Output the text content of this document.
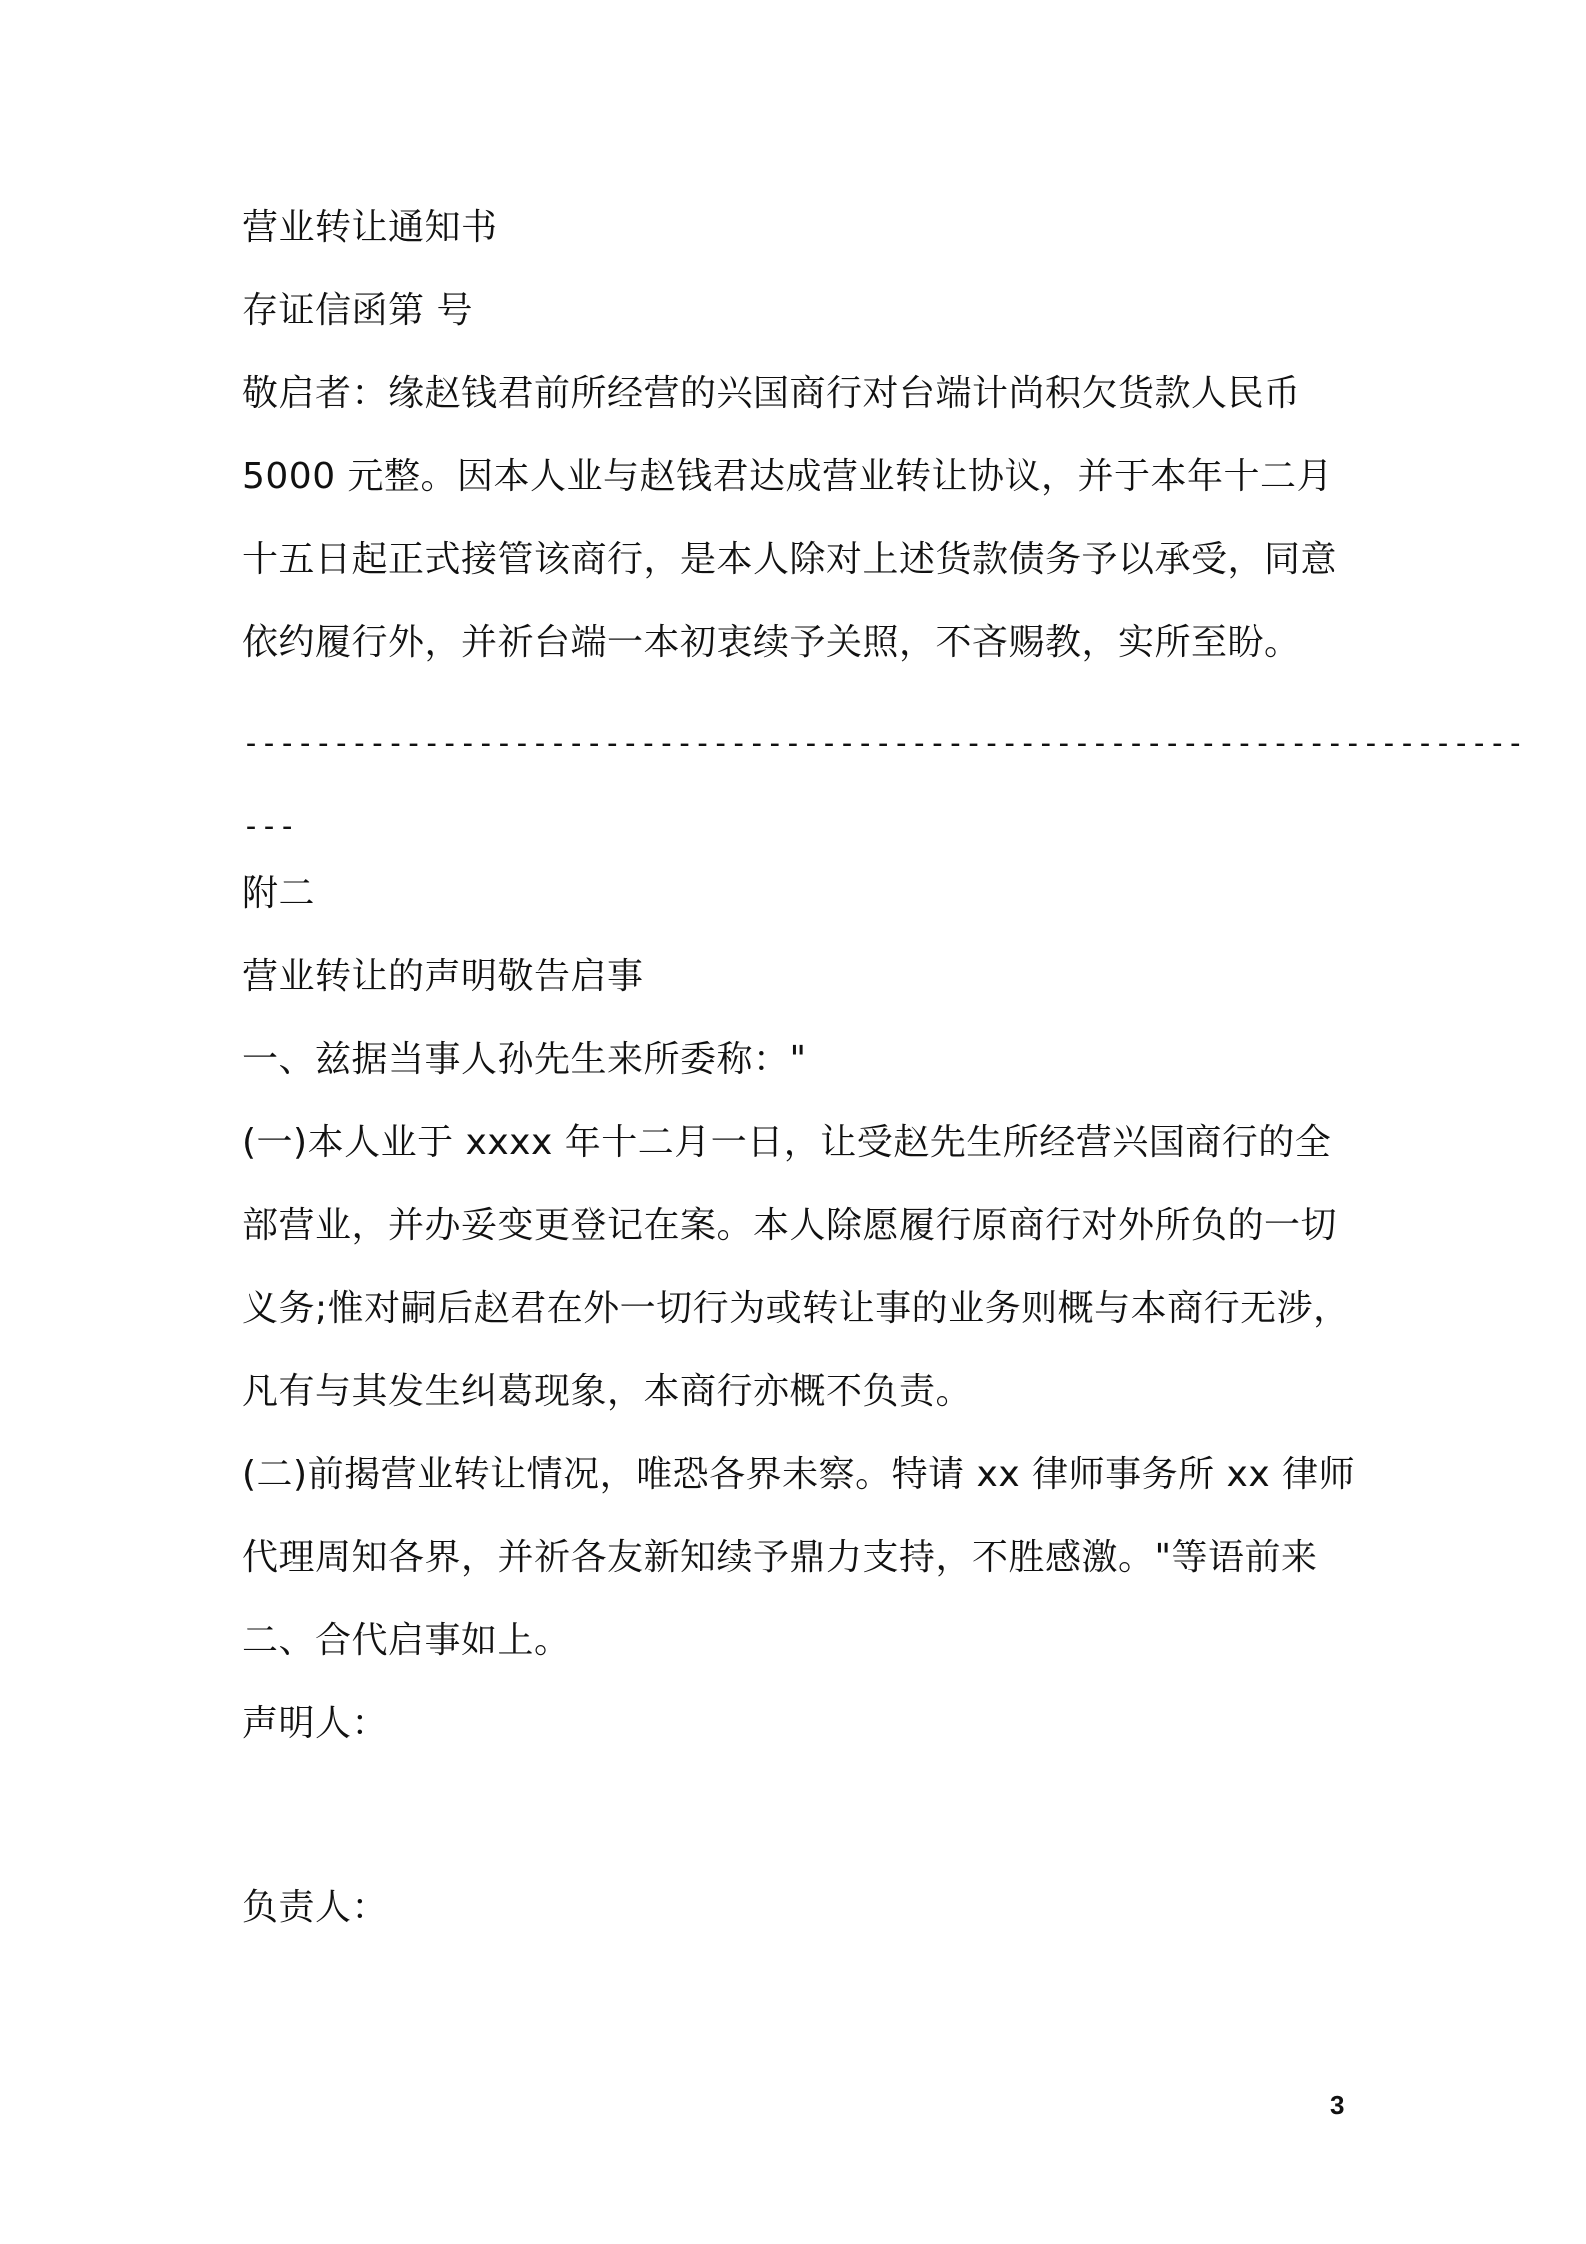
营业转让通知书
存证信函第 号
敬启者：缘赵钱君前所经营的兴国商行对台端计尚积欠货款人民币
5000 元整。因本人业与赵钱君达成营业转让协议，并于本年十二月
十五日起正式接管该商行，是本人除对上述货款债务予以承受，同意
依约履行外，并祈台端一本初衷续予关照，不吝赐教，实所至盼。
-----------------------------------------------------------------------
---
附二
营业转让的声明敬告启事
一、兹据当事人孙先生来所委称："
(一)本人业于 xxxx 年十二月一日，让受赵先生所经营兴国商行的全
部营业，并办妥变更登记在案。本人除愿履行原商行对外所负的一切
义务;惟对嗣后赵君在外一切行为或转让事的业务则概与本商行无涉，
凡有与其发生纠葛现象，本商行亦概不负责。
(二)前揭营业转让情况，唯恐各界未察。特请 xx 律师事务所 xx 律师
代理周知各界，并祈各友新知续予鼎力支持，不胜感激。"等语前来
二、合代启事如上。
声明人：
负责人：
3
